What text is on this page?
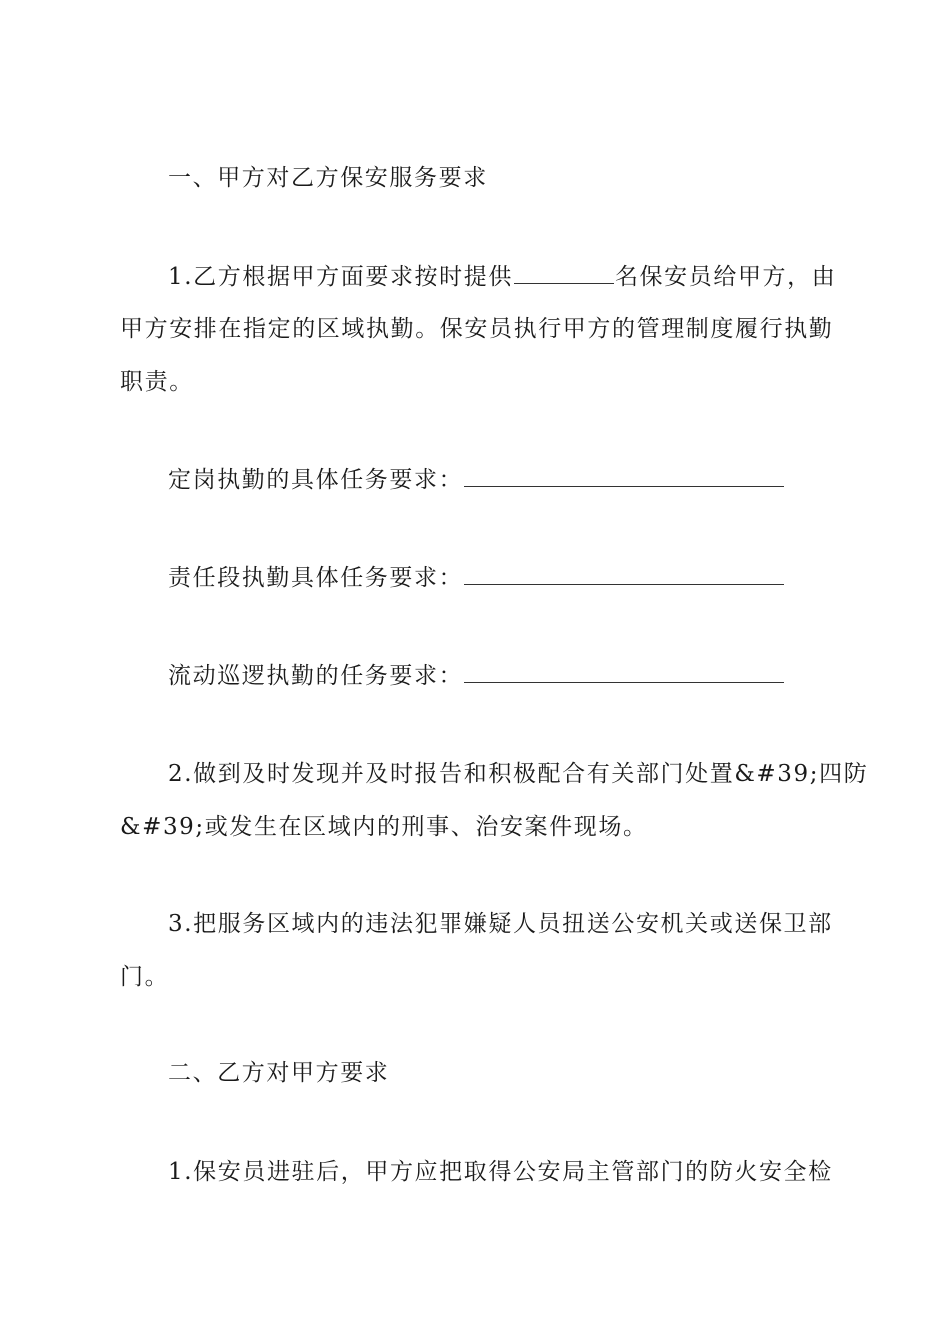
一、甲方对乙方保安服务要求
1.乙方根据甲方面要求按时提供	名保安员给甲方，由
甲方安排在指定的区域执勤。保安员执行甲方的管理制度履行执勤
职责。
定岗执勤的具体任务要求：
责任段执勤具体任务要求：
流动巡逻执勤的任务要求：
2.做到及时发现并及时报告和积极配合有关部门处置&#39;四防
&#39;或发生在区域内的刑事、治安案件现场。
3.把服务区域内的违法犯罪嫌疑人员扭送公安机关或送保卫部
门。
二、乙方对甲方要求
1.保安员进驻后，甲方应把取得公安局主管部门的防火安全检
